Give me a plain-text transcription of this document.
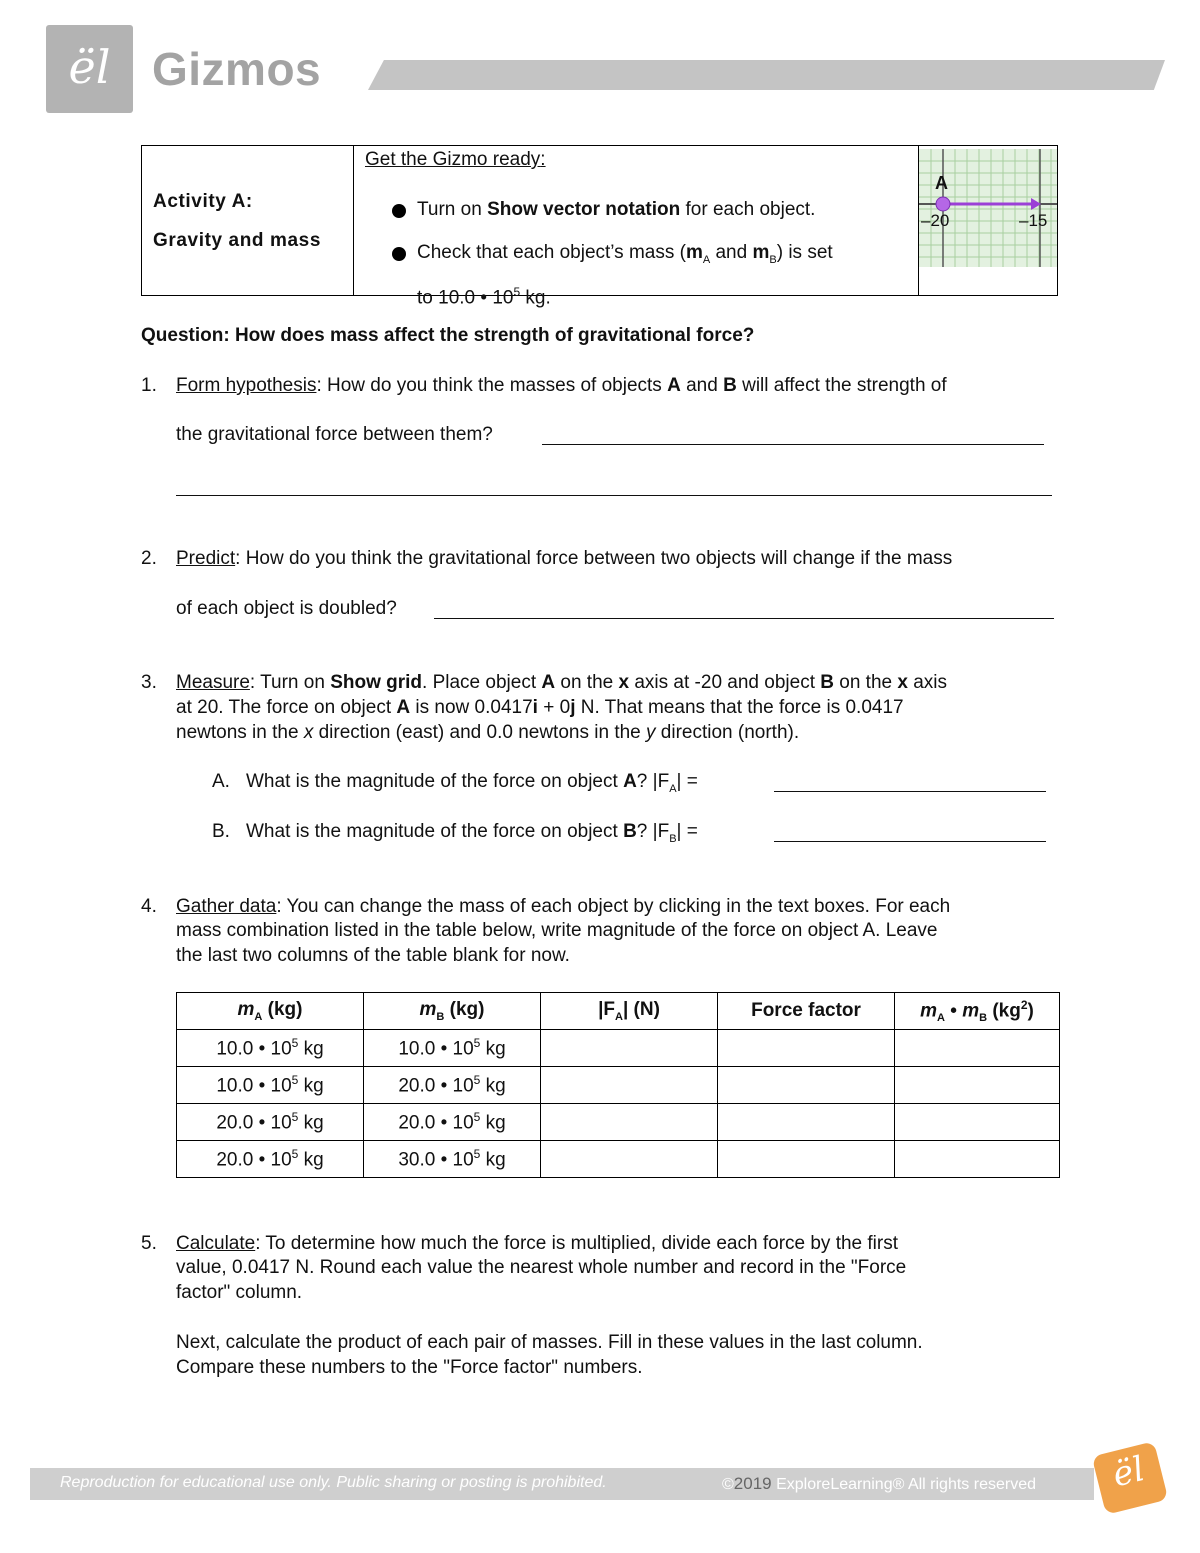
ël Gizmos
Activity A:
Gravity and mass
Get the Gizmo ready:
Turn on Show vector notation for each object.
Check that each object’s mass ($m_A$ and $m_B$) is set
to 10.0 • $10^5$ kg.
A
–20	–15
Question: How does mass affect the strength of gravitational force?
1. Form hypothesis: How do you think the masses of objects A and B will affect the strength of
the gravitational force between them?
2. Predict: How do you think the gravitational force between two objects will change if the mass
of each object is doubled?
3. Measure: Turn on Show grid. Place object A on the x axis at -20 and object B on the x axis
at 20. The force on object A is now 0.0417i + 0j N. That means that the force is 0.0417
newtons in the x direction (east) and 0.0 newtons in the y direction (north).
A. What is the magnitude of the force on object A? $|F_A|$ =
B. What is the magnitude of the force on object B? $|F_B|$ =
4. Gather data: You can change the mass of each object by clicking in the text boxes. For each
mass combination listed in the table below, write magnitude of the force on object A. Leave
the last two columns of the table blank for now.
$m_A$ (kg)	$m_B$ (kg)	$|F_A|$ (N)	Force factor	$m_A$ • $m_B$ $(kg^2)$
10.0 • $10^5$ kg	10.0 • $10^5$ kg			
10.0 • $10^5$ kg	20.0 • $10^5$ kg			
20.0 • $10^5$ kg	20.0 • $10^5$ kg			
20.0 • $10^5$ kg	30.0 • $10^5$ kg			
5. Calculate: To determine how much the force is multiplied, divide each force by the first
value, 0.0417 N. Round each value the nearest whole number and record in the "Force
factor" column.
Next, calculate the product of each pair of masses. Fill in these values in the last column.
Compare these numbers to the "Force factor" numbers.
Reproduction for educational use only. Public sharing or posting is prohibited.	©2019 ExploreLearning® All rights reserved	ël
